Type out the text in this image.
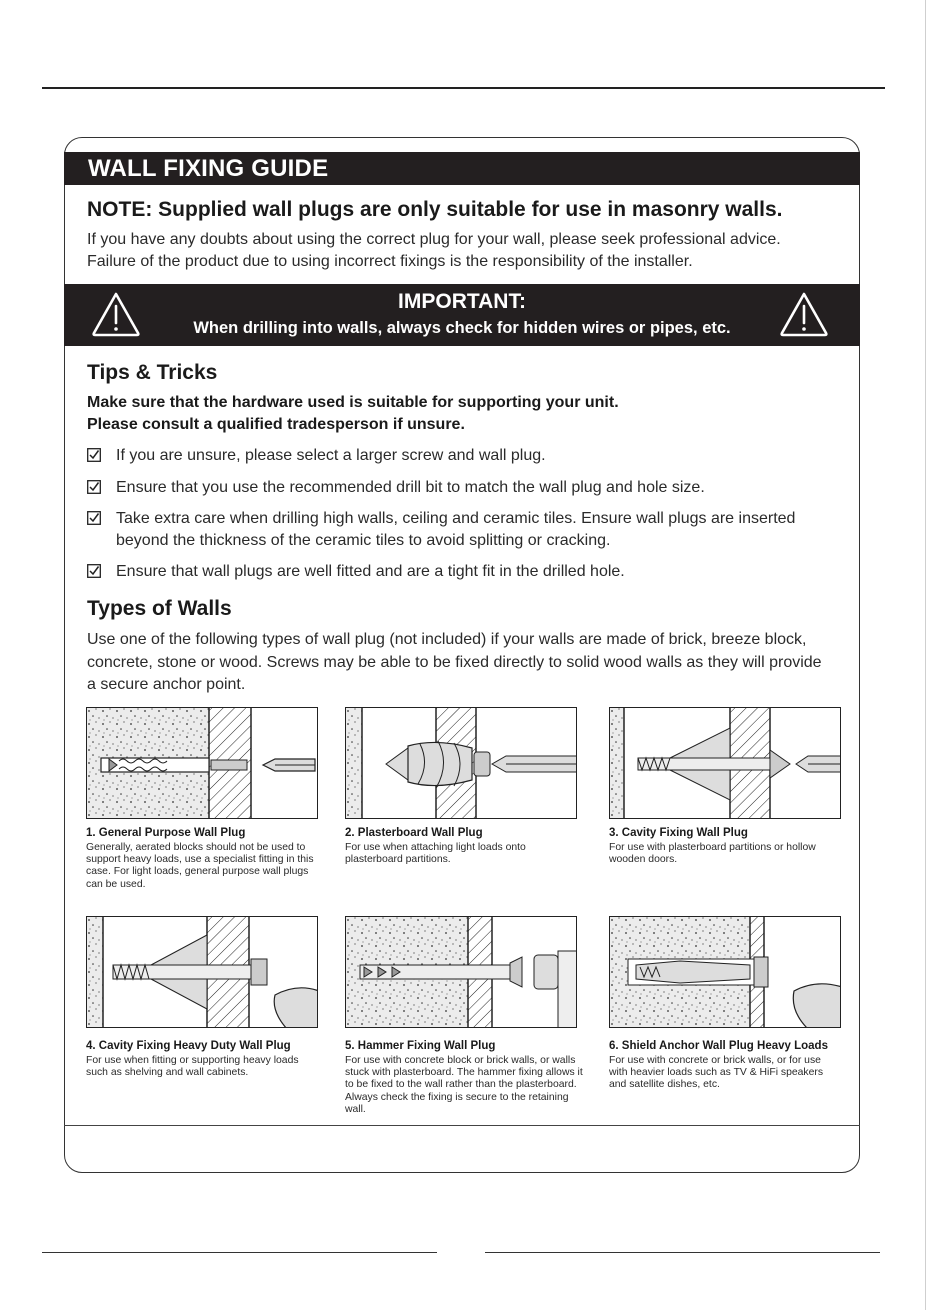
WALL FIXING GUIDE
NOTE: Supplied wall plugs are only suitable for use in masonry walls.
If you have any doubts about using the correct plug for your wall, please seek professional advice.
Failure of the product due to using incorrect fixings is the responsibility of the installer.
IMPORTANT:
When drilling into walls, always check for hidden wires or pipes, etc.
Tips & Tricks
Make sure that the hardware used is suitable for supporting your unit.
Please consult a qualified tradesperson if unsure.
If you are unsure, please select a larger screw and wall plug.
Ensure that you use the recommended drill bit to match the wall plug and hole size.
Take extra care when drilling high walls, ceiling and ceramic tiles. Ensure wall plugs are inserted beyond the thickness of the ceramic tiles to avoid splitting or cracking.
Ensure that wall plugs are well fitted and are a tight fit in the drilled hole.
Types of Walls
Use one of the following types of wall plug (not included) if your walls are made of brick, breeze block,
concrete, stone or wood. Screws may be able to be fixed directly to solid wood walls as they will provide
a secure anchor point.
1. General Purpose Wall Plug
Generally, aerated blocks should not be used to
support heavy loads, use a specialist fitting in this
case. For light loads, general purpose wall plugs
can be used.
2. Plasterboard Wall Plug
For use when attaching light loads onto
plasterboard partitions.
3. Cavity Fixing Wall Plug
For use with plasterboard partitions or hollow
wooden doors.
4. Cavity Fixing Heavy Duty Wall Plug
For use when fitting or supporting heavy loads
such as shelving and wall cabinets.
5. Hammer Fixing Wall Plug
For use with concrete block or brick walls, or walls
stuck with plasterboard. The hammer fixing allows it
to be fixed to the wall rather than the plasterboard.
Always check the fixing is secure to the retaining wall.
6. Shield Anchor Wall Plug Heavy Loads
For use with concrete or brick walls, or for use
with heavier loads such as TV & HiFi speakers
and satellite dishes, etc.
